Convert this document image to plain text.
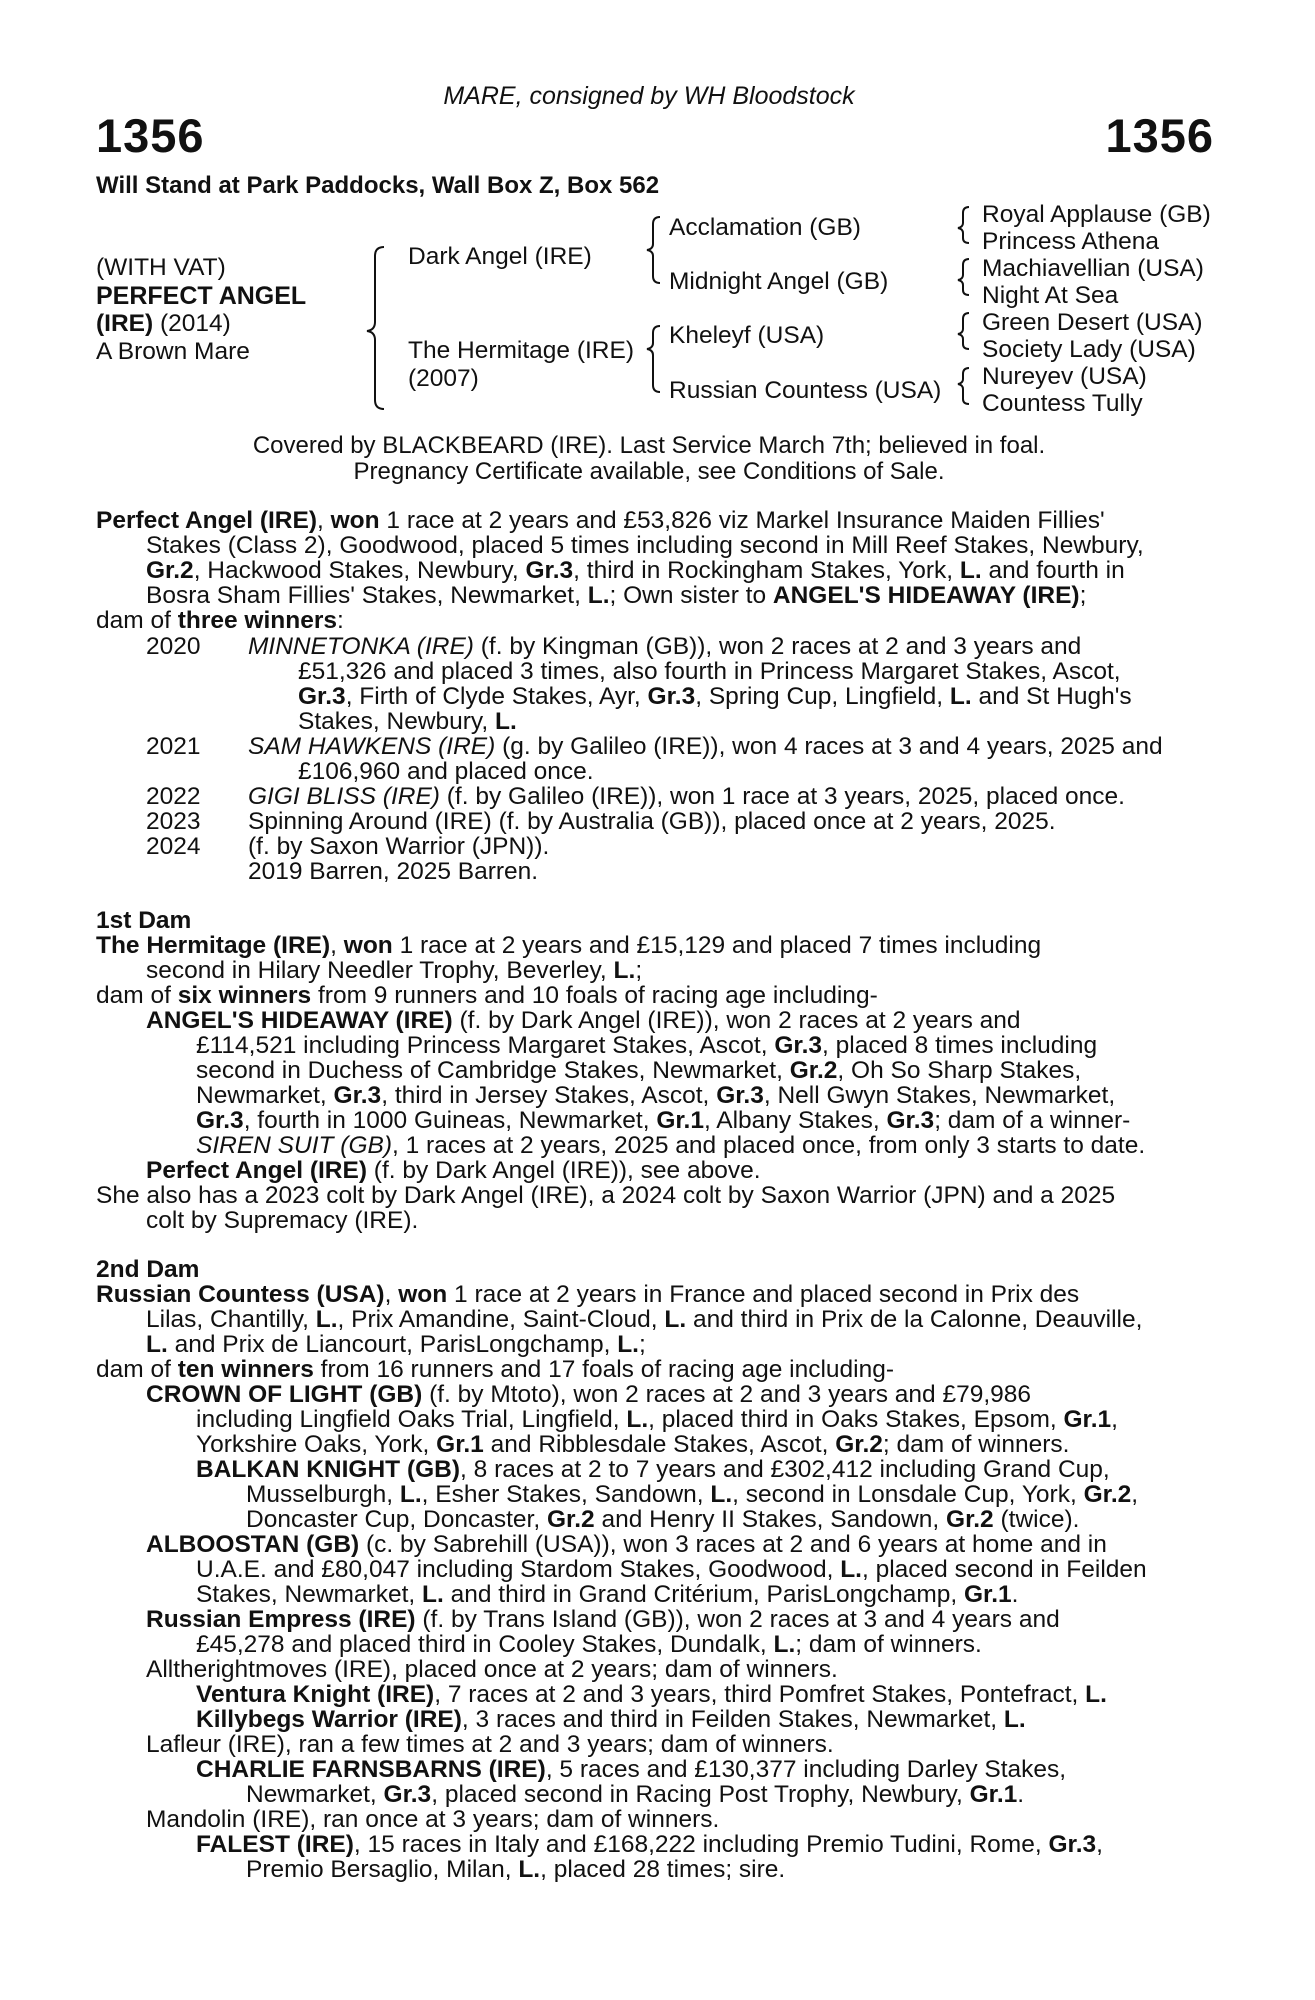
MARE, consigned by WH Bloodstock
1356	1356
Will Stand at Park Paddocks, Wall Box Z, Box 562
(WITH VAT)
PERFECT ANGEL
(IRE) (2014)
A Brown Mare
Dark Angel (IRE)
The Hermitage (IRE)
(2007)
Acclamation (GB)
Midnight Angel (GB)
Kheleyf (USA)
Russian Countess (USA)
Royal Applause (GB)
Princess Athena
Machiavellian (USA)
Night At Sea
Green Desert (USA)
Society Lady (USA)
Nureyev (USA)
Countess Tully
Covered by BLACKBEARD (IRE). Last Service March 7th; believed in foal.
Pregnancy Certificate available, see Conditions of Sale.
Perfect Angel (IRE), won 1 race at 2 years and £53,826 viz Markel Insurance Maiden Fillies'
Stakes (Class 2), Goodwood, placed 5 times including second in Mill Reef Stakes, Newbury,
Gr.2, Hackwood Stakes, Newbury, Gr.3, third in Rockingham Stakes, York, L. and fourth in
Bosra Sham Fillies' Stakes, Newmarket, L.; Own sister to ANGEL'S HIDEAWAY (IRE);
dam of three winners:
2020 MINNETONKA (IRE) (f. by Kingman (GB)), won 2 races at 2 and 3 years and
£51,326 and placed 3 times, also fourth in Princess Margaret Stakes, Ascot,
Gr.3, Firth of Clyde Stakes, Ayr, Gr.3, Spring Cup, Lingfield, L. and St Hugh's
Stakes, Newbury, L.
2021 SAM HAWKENS (IRE) (g. by Galileo (IRE)), won 4 races at 3 and 4 years, 2025 and
£106,960 and placed once.
2022 GIGI BLISS (IRE) (f. by Galileo (IRE)), won 1 race at 3 years, 2025, placed once.
2023 Spinning Around (IRE) (f. by Australia (GB)), placed once at 2 years, 2025.
2024 (f. by Saxon Warrior (JPN)).
2019 Barren, 2025 Barren.
1st Dam
The Hermitage (IRE), won 1 race at 2 years and £15,129 and placed 7 times including
second in Hilary Needler Trophy, Beverley, L.;
dam of six winners from 9 runners and 10 foals of racing age including-
ANGEL'S HIDEAWAY (IRE) (f. by Dark Angel (IRE)), won 2 races at 2 years and
£114,521 including Princess Margaret Stakes, Ascot, Gr.3, placed 8 times including
second in Duchess of Cambridge Stakes, Newmarket, Gr.2, Oh So Sharp Stakes,
Newmarket, Gr.3, third in Jersey Stakes, Ascot, Gr.3, Nell Gwyn Stakes, Newmarket,
Gr.3, fourth in 1000 Guineas, Newmarket, Gr.1, Albany Stakes, Gr.3; dam of a winner-
SIREN SUIT (GB), 1 races at 2 years, 2025 and placed once, from only 3 starts to date.
Perfect Angel (IRE) (f. by Dark Angel (IRE)), see above.
She also has a 2023 colt by Dark Angel (IRE), a 2024 colt by Saxon Warrior (JPN) and a 2025
colt by Supremacy (IRE).
2nd Dam
Russian Countess (USA), won 1 race at 2 years in France and placed second in Prix des
Lilas, Chantilly, L., Prix Amandine, Saint-Cloud, L. and third in Prix de la Calonne, Deauville,
L. and Prix de Liancourt, ParisLongchamp, L.;
dam of ten winners from 16 runners and 17 foals of racing age including-
CROWN OF LIGHT (GB) (f. by Mtoto), won 2 races at 2 and 3 years and £79,986
including Lingfield Oaks Trial, Lingfield, L., placed third in Oaks Stakes, Epsom, Gr.1,
Yorkshire Oaks, York, Gr.1 and Ribblesdale Stakes, Ascot, Gr.2; dam of winners.
BALKAN KNIGHT (GB), 8 races at 2 to 7 years and £302,412 including Grand Cup,
Musselburgh, L., Esher Stakes, Sandown, L., second in Lonsdale Cup, York, Gr.2,
Doncaster Cup, Doncaster, Gr.2 and Henry II Stakes, Sandown, Gr.2 (twice).
ALBOOSTAN (GB) (c. by Sabrehill (USA)), won 3 races at 2 and 6 years at home and in
U.A.E. and £80,047 including Stardom Stakes, Goodwood, L., placed second in Feilden
Stakes, Newmarket, L. and third in Grand Critérium, ParisLongchamp, Gr.1.
Russian Empress (IRE) (f. by Trans Island (GB)), won 2 races at 3 and 4 years and
£45,278 and placed third in Cooley Stakes, Dundalk, L.; dam of winners.
Alltherightmoves (IRE), placed once at 2 years; dam of winners.
Ventura Knight (IRE), 7 races at 2 and 3 years, third Pomfret Stakes, Pontefract, L.
Killybegs Warrior (IRE), 3 races and third in Feilden Stakes, Newmarket, L.
Lafleur (IRE), ran a few times at 2 and 3 years; dam of winners.
CHARLIE FARNSBARNS (IRE), 5 races and £130,377 including Darley Stakes,
Newmarket, Gr.3, placed second in Racing Post Trophy, Newbury, Gr.1.
Mandolin (IRE), ran once at 3 years; dam of winners.
FALEST (IRE), 15 races in Italy and £168,222 including Premio Tudini, Rome, Gr.3,
Premio Bersaglio, Milan, L., placed 28 times; sire.
